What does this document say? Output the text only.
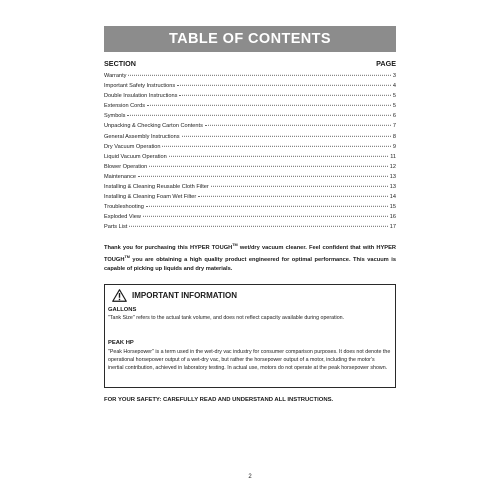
TABLE OF CONTENTS
SECTION	PAGE
Warranty	3
Important Safety Instructions	4
Double Insulation Instructions	5
Extension Cords	5
Symbols	6
Unpacking & Checking Carton Contents	7
General Assembly Instructions	8
Dry Vacuum Operation	9
Liquid Vacuum Operation	11
Blower Operation	12
Maintenance	13
Installing & Cleaning Reusable Cloth Filter	13
Installing & Cleaning Foam Wet Filter	14
Troubleshooting	15
Exploded View	16
Parts List	17

Thank you for purchasing this HYPER TOUGH™ wet/dry vacuum cleaner. Feel confident that with HYPER TOUGH™ you are obtaining a high quality product engineered for optimal performance. This vacuum is capable of picking up liquids and dry materials.

IMPORTANT INFORMATION
GALLONS
"Tank Size" refers to the actual tank volume, and does not reflect capacity available during operation.
PEAK HP
"Peak Horsepower" is a term used in the wet-dry vac industry for consumer comparison purposes. It does not denote the operational horsepower output of a wet-dry vac, but rather the horsepower output of a motor, including the motor's inertial contribution, achieved in laboratory testing. In actual use, motors do not operate at the peak horsepower shown.
FOR YOUR SAFETY: CAREFULLY READ AND UNDERSTAND ALL INSTRUCTIONS.
2
